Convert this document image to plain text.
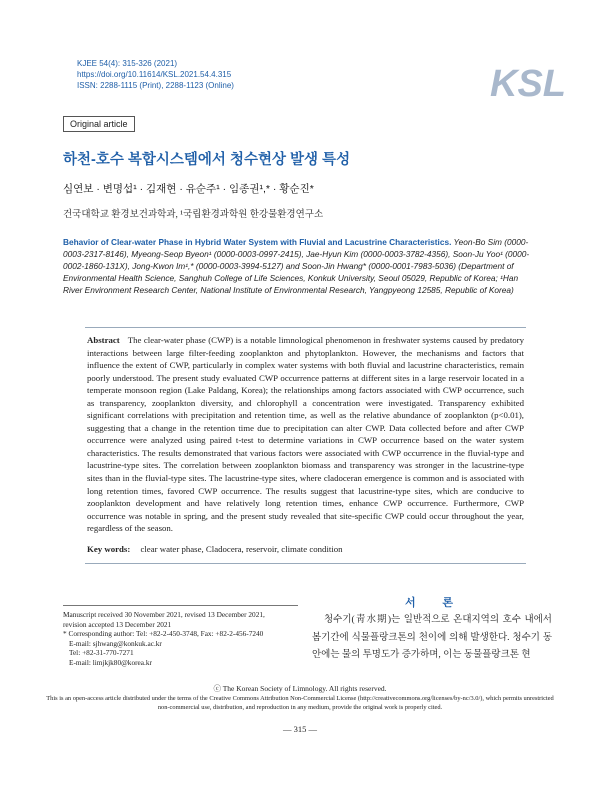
KJEE 54(4): 315-326 (2021)
https://doi.org/10.11614/KSL.2021.54.4.315
ISSN: 2288-1115 (Print), 2288-1123 (Online)	KSL
Original article
하천-호수 복합시스템에서 청수현상 발생 특성
심연보 · 변명섭¹ · 김재현 · 유순주¹ · 임종권¹,* · 황순진*
건국대학교 환경보건과학과, ¹국립환경과학원 한강물환경연구소
Behavior of Clear-water Phase in Hybrid Water System with Fluvial and Lacustrine Characteristics. Yeon-Bo Sim (0000-0003-2317-8146), Myeong-Seop Byeon¹ (0000-0003-0997-2415), Jae-Hyun Kim (0000-0003-3782-4356), Soon-Ju Yoo¹ (0000-0002-1860-131X), Jong-Kwon Im¹,* (0000-0003-3994-5127) and Soon-Jin Hwang* (0000-0001-7983-5036) (Department of Environmental Health Science, Sanghuh College of Life Sciences, Konkuk University, Seoul 05029, Republic of Korea; ¹Han River Environment Research Center, National Institute of Environmental Research, Yangpyeong 12585, Republic of Korea)
Abstract The clear-water phase (CWP) is a notable limnological phenomenon in freshwater systems caused by predatory interactions between large filter-feeding zooplankton and phytoplankton. However, the mechanisms and factors that influence the extent of CWP, particularly in complex water systems with both fluvial and lacustrine characteristics, remain poorly understood. The present study evaluated CWP occurrence patterns at different sites in a large reservoir located in a temperate monsoon region (Lake Paldang, Korea); the relationships among factors associated with CWP occurrence, such as transparency, zooplankton diversity, and chlorophyll a concentration were investigated. Transparency exhibited significant correlations with precipitation and retention time, as well as the relative abundance of zooplankton (p<0.01), suggesting that a change in the retention time due to precipitation can alter CWP. Data collected before and after CWP occurrence were analyzed using paired t-test to determine variations in CWP occurrence based on the water system characteristics. The results demonstrated that various factors were associated with CWP occurrence in the fluvial-type and lacustrine-type sites. The correlation between zooplankton biomass and transparency was stronger in the lacustrine-type sites than in the fluvial-type sites. The lacustrine-type sites, where cladoceran emergence is common and is associated with long retention times, favored CWP occurrence. The results suggest that lacustrine-type sites, which are conducive to zooplankton development and have relatively long retention times, enhance CWP occurrence. Furthermore, CWP occurrence was notable in spring, and the present study revealed that site-specific CWP could occur throughout the year, regardless of the season.
Key words: clear water phase, Cladocera, reservoir, climate condition
서 론
청수기(靑水期)는 일반적으로 온대지역의 호수 내에서 봄기간에 식물플랑크톤의 천이에 의해 발생한다. 청수기 동안에는 물의 투명도가 증가하며, 이는 동물플랑크톤 현
Manuscript received 30 November 2021, revised 13 December 2021,
revision accepted 13 December 2021
* Corresponding author: Tel: +82-2-450-3748, Fax: +82-2-456-7240
E-mail: sjhwang@konkuk.ac.kr
Tel: +82-31-770-7271
E-mail: limjkjk80@korea.kr
ⓒ The Korean Society of Limnology. All rights reserved.
This is an open-access article distributed under the terms of the Creative Commons Attribution Non-Commercial License (http://creativecommons.org/licenses/by-nc/3.0/), which permits unrestricted non-commercial use, distribution, and reproduction in any medium, provide the original work is properly cited.
— 315 —
